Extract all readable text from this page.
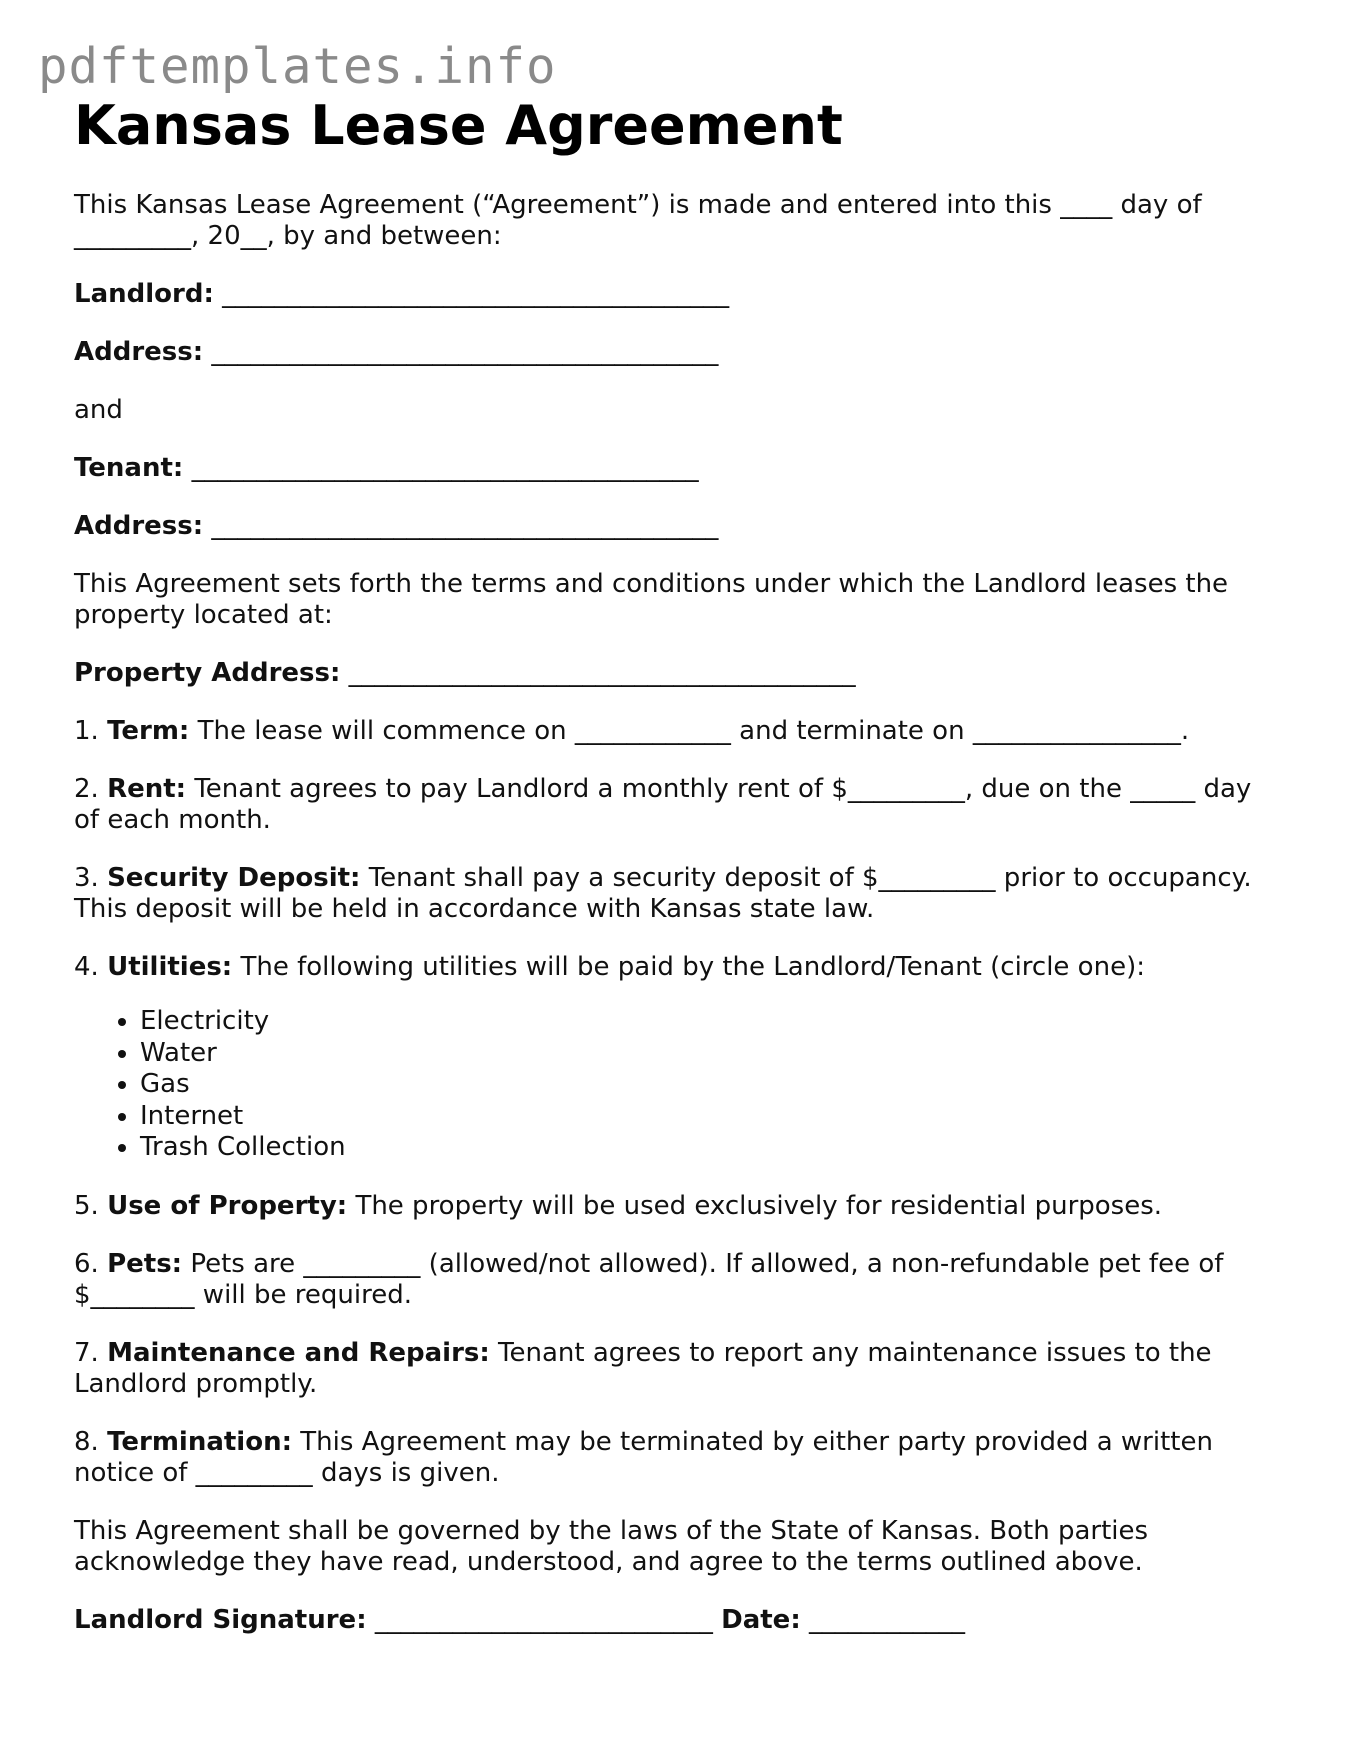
pdftemplates.info
Kansas Lease Agreement

This Kansas Lease Agreement (“Agreement”) is made and entered into this ____ day of _________, 20__, by and between:

Landlord: _______________________________________

Address: _______________________________________

and

Tenant: _______________________________________

Address: _______________________________________

This Agreement sets forth the terms and conditions under which the Landlord leases the property located at:

Property Address: _______________________________________

1. Term: The lease will commence on ____________ and terminate on ________________.

2. Rent: Tenant agrees to pay Landlord a monthly rent of $_________, due on the _____ day of each month.

3. Security Deposit: Tenant shall pay a security deposit of $_________ prior to occupancy. This deposit will be held in accordance with Kansas state law.

4. Utilities: The following utilities will be paid by the Landlord/Tenant (circle one):

• Electricity
• Water
• Gas
• Internet
• Trash Collection

5. Use of Property: The property will be used exclusively for residential purposes.

6. Pets: Pets are _________ (allowed/not allowed). If allowed, a non-refundable pet fee of $________ will be required.

7. Maintenance and Repairs: Tenant agrees to report any maintenance issues to the Landlord promptly.

8. Termination: This Agreement may be terminated by either party provided a written notice of _________ days is given.

This Agreement shall be governed by the laws of the State of Kansas. Both parties acknowledge they have read, understood, and agree to the terms outlined above.

Landlord Signature: __________________________ Date: ____________
